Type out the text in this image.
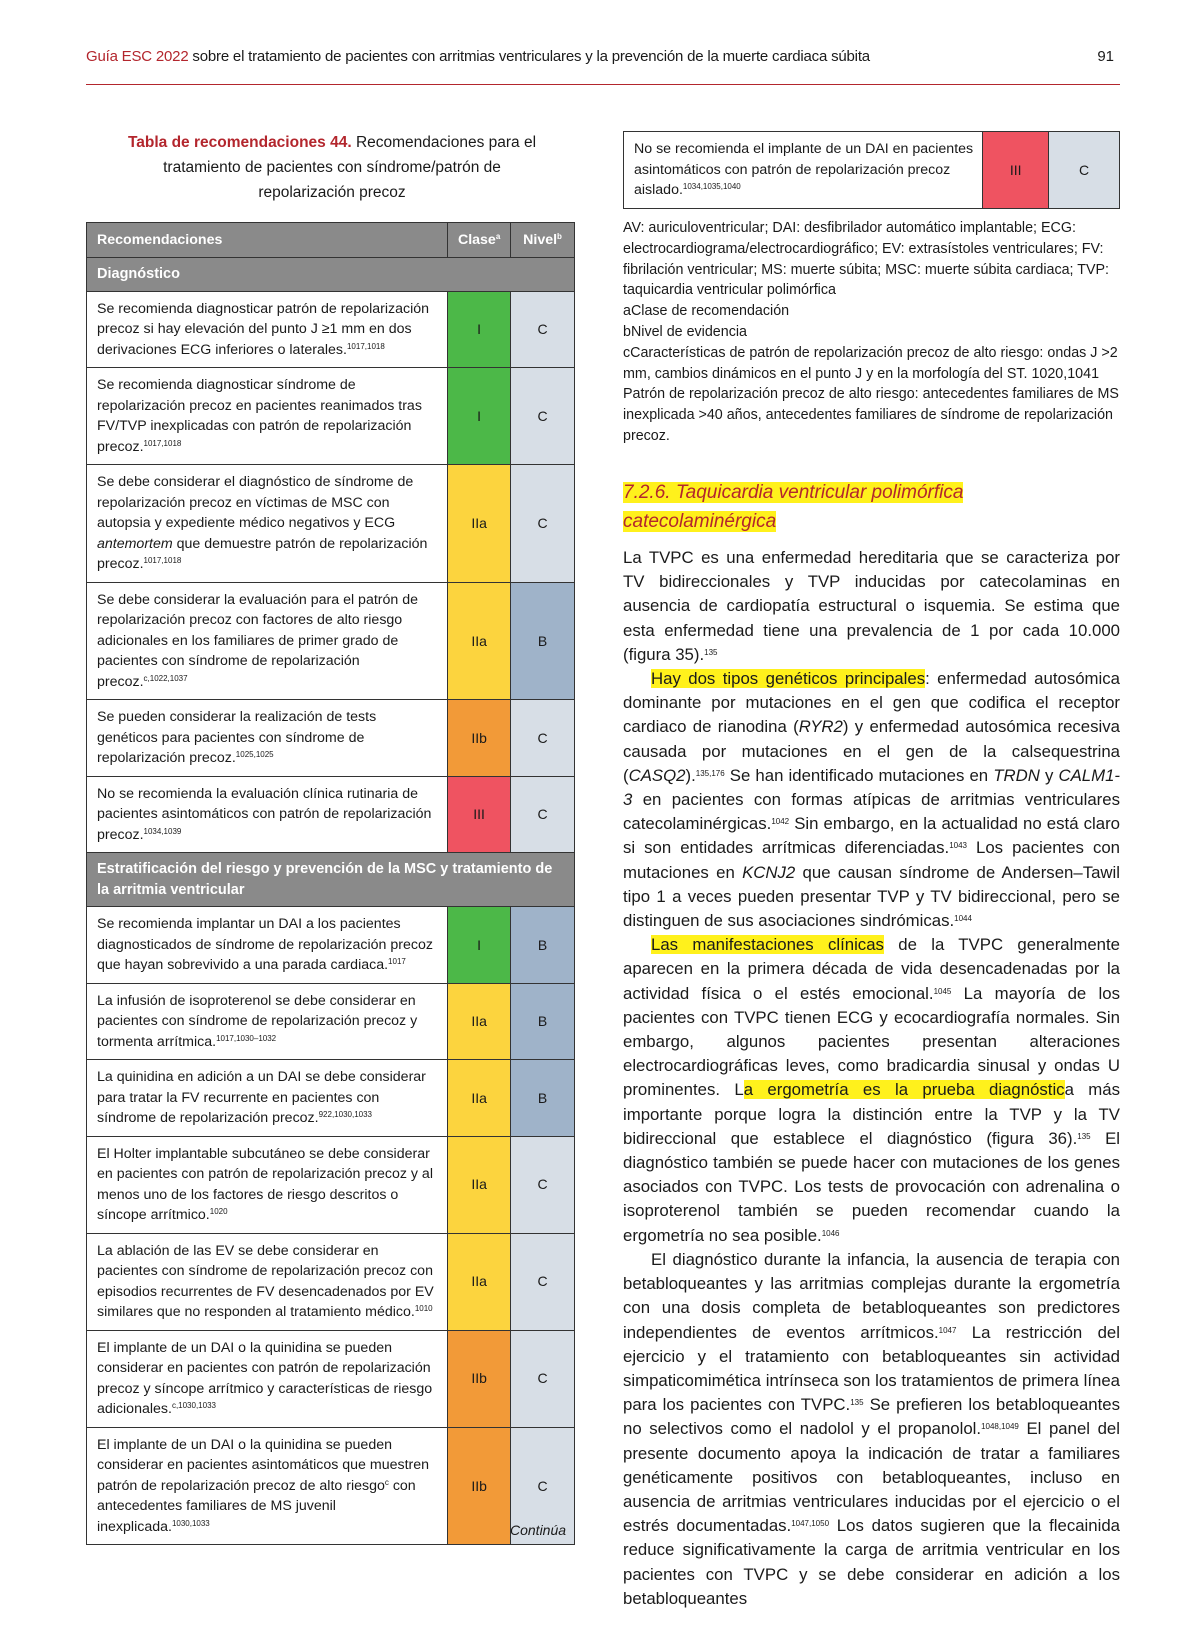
Guía ESC 2022 sobre el tratamiento de pacientes con arritmias ventriculares y la prevención de la muerte cardiaca súbita	91
Tabla de recomendaciones 44. Recomendaciones para el tratamiento de pacientes con síndrome/patrón de repolarización precoz
Recomendaciones	Clase$^a$	Nivel$^b$
Diagnóstico		
Se recomienda diagnosticar patrón de repolarización precoz si hay elevación del punto J ≥1 mm en dos derivaciones ECG inferiores o laterales.$^{1017,1018}$	I	C
Se recomienda diagnosticar síndrome de repolarización precoz en pacientes reanimados tras FV/TVP inexplicadas con patrón de repolarización precoz.$^{1017,1018}$	I	C
Se debe considerar el diagnóstico de síndrome de repolarización precoz en víctimas de MSC con autopsia y expediente médico negativos y ECG antemortem que demuestre patrón de repolarización precoz.$^{1017,1018}$	IIa	C
Se debe considerar la evaluación para el patrón de repolarización precoz con factores de alto riesgo adicionales en los familiares de primer grado de pacientes con síndrome de repolarización precoz.$^{c,1022,1037}$	IIa	B
Se pueden considerar la realización de tests genéticos para pacientes con síndrome de repolarización precoz.$^{1025,1025}$	IIb	C
No se recomienda la evaluación clínica rutinaria de pacientes asintomáticos con patrón de repolarización precoz.$^{1034,1039}$	III	C
Estratificación del riesgo y prevención de la MSC y tratamiento de la arritmia ventricular		
Se recomienda implantar un DAI a los pacientes diagnosticados de síndrome de repolarización precoz que hayan sobrevivido a una parada cardiaca.$^{1017}$	I	B
La infusión de isoproterenol se debe considerar en pacientes con síndrome de repolarización precoz y tormenta arrítmica.$^{1017,1030-1032}$	IIa	B
La quinidina en adición a un DAI se debe considerar para tratar la FV recurrente en pacientes con síndrome de repolarización precoz.$^{922,1030,1033}$	IIa	B
El Holter implantable subcutáneo se debe considerar en pacientes con patrón de repolarización precoz y al menos uno de los factores de riesgo descritos o síncope arrítmico.$^{1020}$	IIa	C
La ablación de las EV se debe considerar en pacientes con síndrome de repolarización precoz con episodios recurrentes de FV desencadenados por EV similares que no responden al tratamiento médico.$^{1010}$	IIa	C
El implante de un DAI o la quinidina se pueden considerar en pacientes con patrón de repolarización precoz y síncope arrítmico y características de riesgo adicionales.$^{c,1030,1033}$	IIb	C
El implante de un DAI o la quinidina se pueden considerar en pacientes asintomáticos que muestren patrón de repolarización precoz de alto riesgo$^c$ con antecedentes familiares de MS juvenil inexplicada.$^{1030,1033}$	IIb	C
Continúa
No se recomienda el implante de un DAI en pacientes asintomáticos con patrón de repolarización precoz aislado.$^{1034,1035,1040}$	III	C

AV: auriculoventricular; DAI: desfibrilador automático implantable; ECG: electrocardiograma/electrocardiográfico; EV: extrasístoles ventriculares; FV: fibrilación ventricular; MS: muerte súbita; MSC: muerte súbita cardiaca; TVP: taquicardia ventricular polimórfica

aClase de recomendación

bNivel de evidencia

cCaracterísticas de patrón de repolarización precoz de alto riesgo: ondas J >2 mm, cambios dinámicos en el punto J y en la morfología del ST. 1020,1041 Patrón de repolarización precoz de alto riesgo: antecedentes familiares de MS inexplicada >40 años, antecedentes familiares de síndrome de repolarización precoz.

7.2.6. Taquicardia ventricular polimórfica catecolaminérgica

La TVPC es una enfermedad hereditaria que se caracteriza por TV bidireccionales y TVP inducidas por catecolaminas en ausencia de cardiopatía estructural o isquemia. Se estima que esta enfermedad tiene una prevalencia de 1 por cada 10.000 (figura 35).$^{135}$

Hay dos tipos genéticos principales: enfermedad autosómica dominante por mutaciones en el gen que codifica el receptor cardiaco de rianodina (RYR2) y enfermedad autosómica recesiva causada por mutaciones en el gen de la calsequestrina (CASQ2).$^{135,176}$ Se han identificado mutaciones en TRDN y CALM1-3 en pacientes con formas atípicas de arritmias ventriculares catecolaminérgicas.$^{1042}$ Sin embargo, en la actualidad no está claro si son entidades arrítmicas diferenciadas.$^{1043}$ Los pacientes con mutaciones en KCNJ2 que causan síndrome de Andersen–Tawil tipo 1 a veces pueden presentar TVP y TV bidireccional, pero se distinguen de sus asociaciones sindrómicas.$^{1044}$

Las manifestaciones clínicas de la TVPC generalmente aparecen en la primera década de vida desencadenadas por la actividad física o el estés emocional.$^{1045}$ La mayoría de los pacientes con TVPC tienen ECG y ecocardiografía normales. Sin embargo, algunos pacientes presentan alteraciones electrocardiográficas leves, como bradicardia sinusal y ondas U prominentes. La ergometría es la prueba diagnóstica más importante porque logra la distinción entre la TVP y la TV bidireccional que establece el diagnóstico (figura 36).$^{135}$ El diagnóstico también se puede hacer con mutaciones de los genes asociados con TVPC. Los tests de provocación con adrenalina o isoproterenol también se pueden recomendar cuando la ergometría no sea posible.$^{1046}$

El diagnóstico durante la infancia, la ausencia de terapia con betabloqueantes y las arritmias complejas durante la ergometría con una dosis completa de betabloqueantes son predictores independientes de eventos arrítmicos.$^{1047}$ La restricción del ejercicio y el tratamiento con betabloqueantes sin actividad simpaticomimética intrínseca son los tratamientos de primera línea para los pacientes con TVPC.$^{135}$ Se prefieren los betabloqueantes no selectivos como el nadolol y el propanolol.$^{1048,1049}$ El panel del presente documento apoya la indicación de tratar a familiares genéticamente positivos con betabloqueantes, incluso en ausencia de arritmias ventriculares inducidas por el ejercicio o el estrés documentadas.$^{1047,1050}$ Los datos sugieren que la flecainida reduce significativamente la carga de arritmia ventricular en los pacientes con TVPC y se debe considerar en adición a los betabloqueantes
